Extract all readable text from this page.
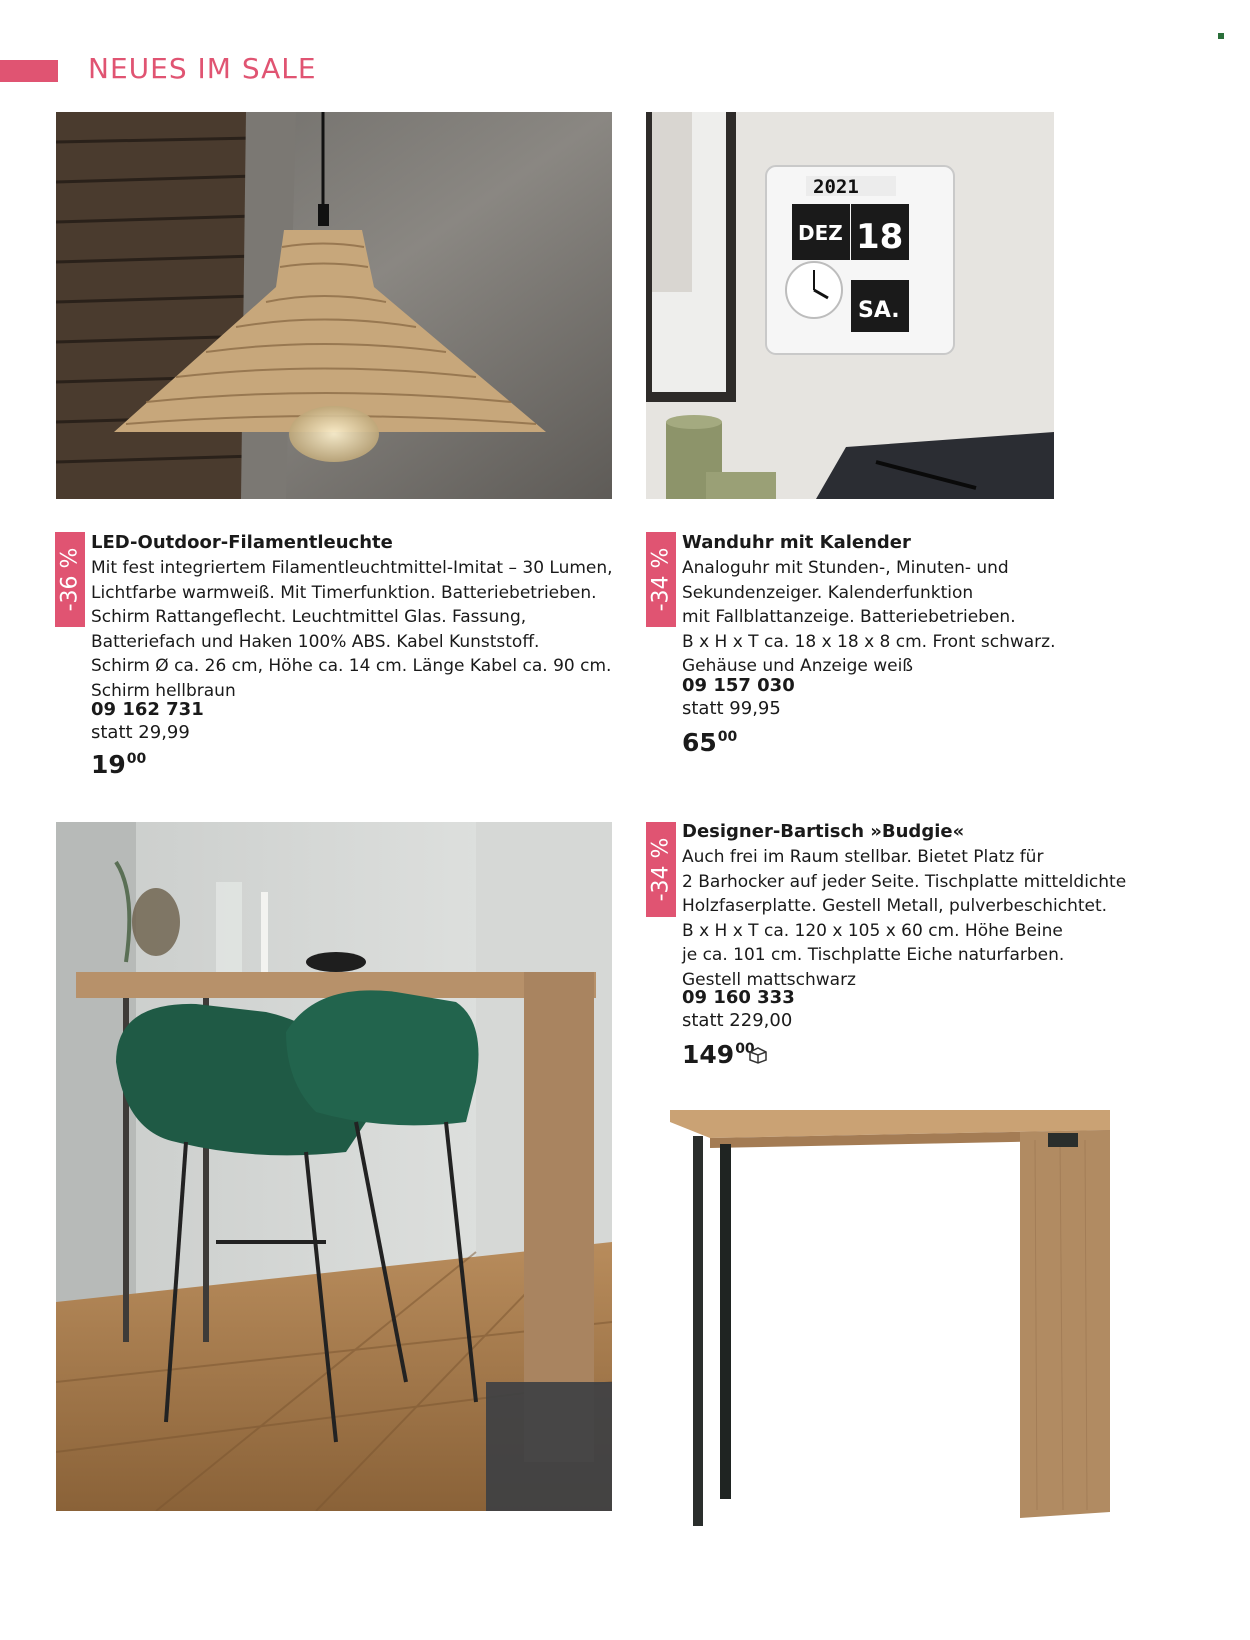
NEUES IM SALE
-36 %
LED-Outdoor-Filamentleuchte
Mit fest integriertem Filamentleuchtmittel-Imitat – 30 Lumen,
Lichtfarbe warmweiß. Mit Timerfunktion. Batteriebetrieben.
Schirm Rattangeflecht. Leuchtmittel Glas. Fassung,
Batteriefach und Haken 100% ABS. Kabel Kunststoff.
Schirm Ø ca. 26 cm, Höhe ca. 14 cm. Länge Kabel ca. 90 cm.
Schirm hellbraun
09 162 731
statt 29,99
$19^{00}$
2021
DEZ 18
SA.
-34 %
Wanduhr mit Kalender
Analoguhr mit Stunden-, Minuten- und
Sekundenzeiger. Kalenderfunktion
mit Fallblattanzeige. Batteriebetrieben.
B x H x T ca. 18 x 18 x 8 cm. Front schwarz.
Gehäuse und Anzeige weiß
09 157 030
statt 99,95
$65^{00}$
-34 %
Designer-Bartisch »Budgie«
Auch frei im Raum stellbar. Bietet Platz für
2 Barhocker auf jeder Seite. Tischplatte mitteldichte
Holzfaserplatte. Gestell Metall, pulverbeschichtet.
B x H x T ca. 120 x 105 x 60 cm. Höhe Beine
je ca. 101 cm. Tischplatte Eiche naturfarben.
Gestell mattschwarz
09 160 333
statt 229,00
$149^{00}$
